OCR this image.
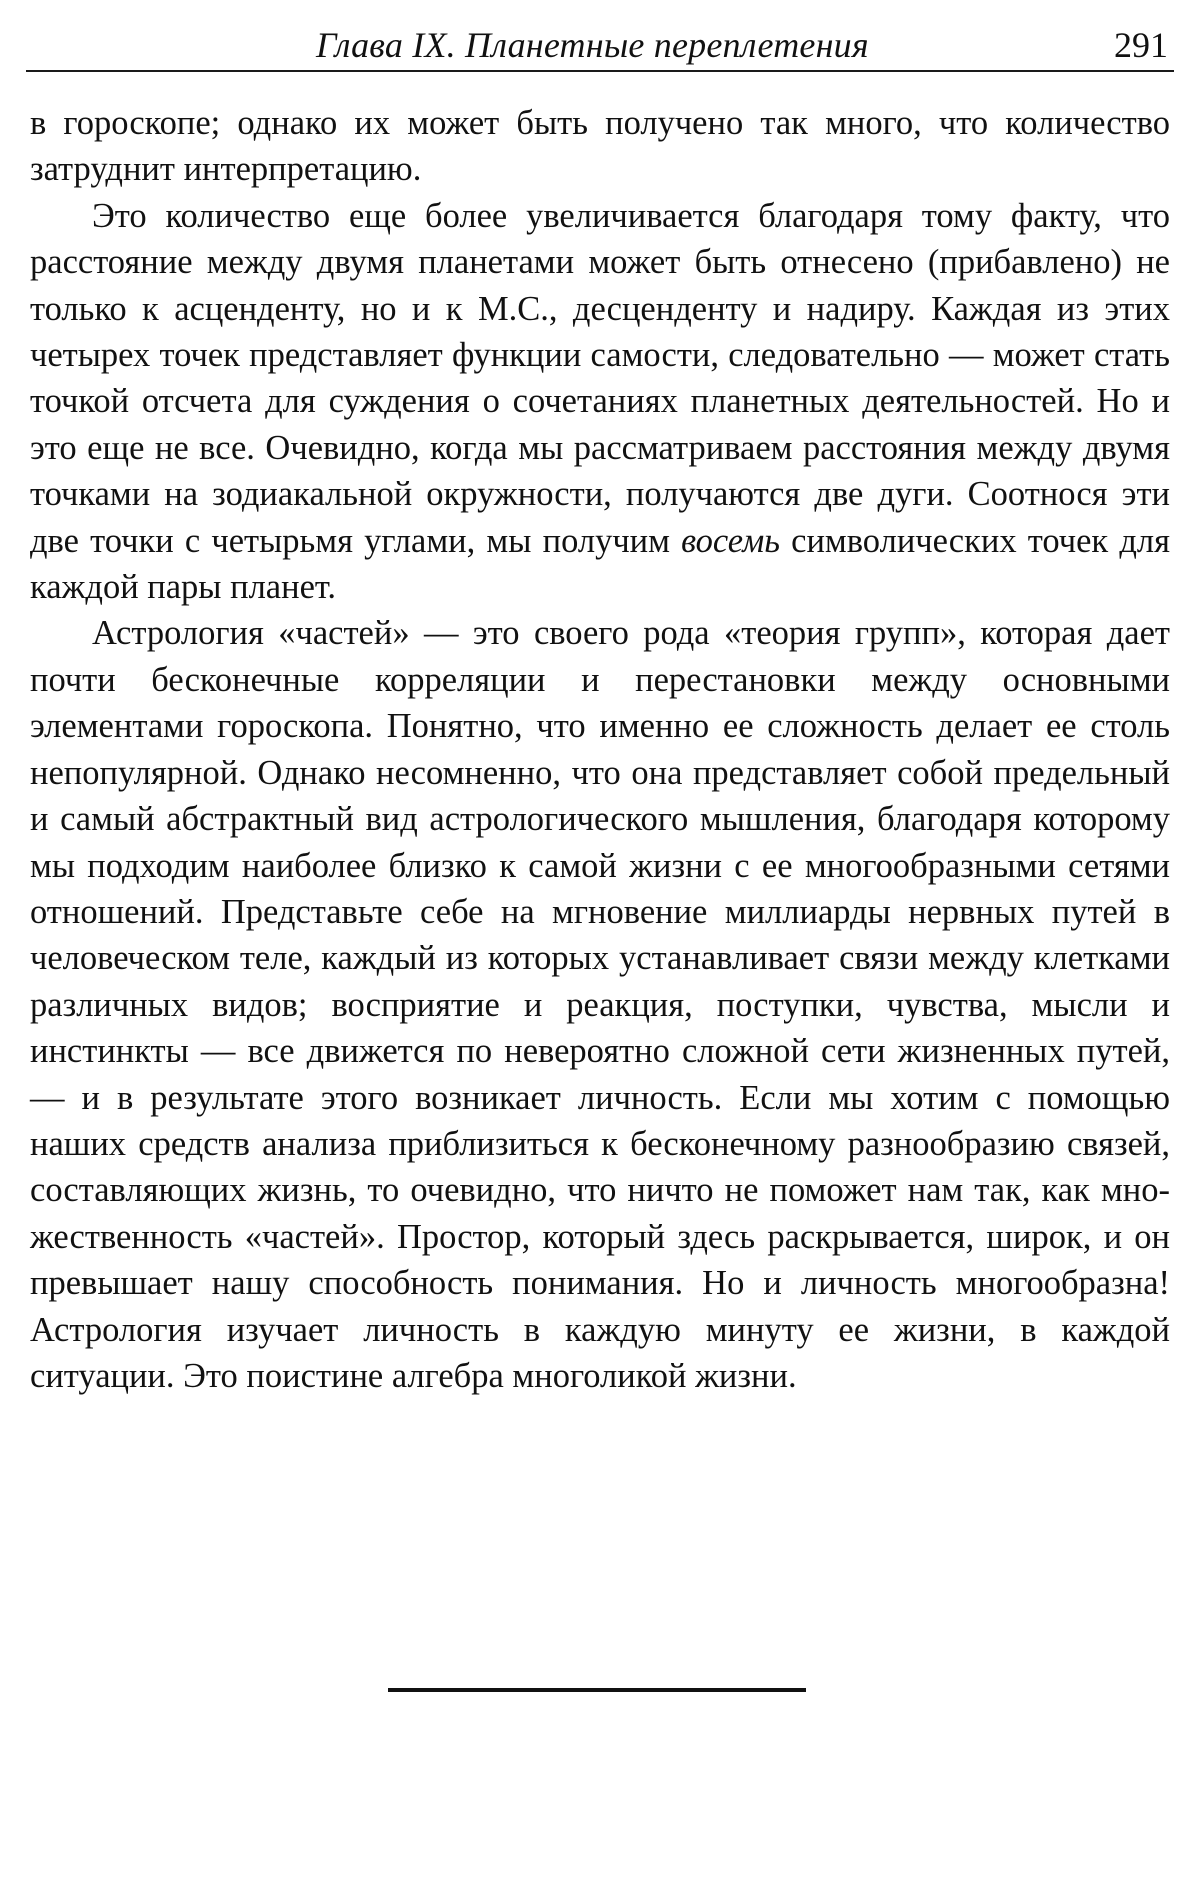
Глава IX. Планетные переплетения	291

в гороскопе; однако их может быть получено так много, что количество затруднит интерпретацию.

Это количество еще более увеличивается благодаря тому факту, что расстояние между двумя планетами может быть отнесено (прибавлено) не только к асценденту, но и к М.С., десценденту и надиру. Каждая из этих четырех точек представляет функции самости, следовательно — может стать точкой отсчета для суждения о сочетаниях планетных деятельностей. Но и это еще не все. Очевидно, когда мы рассматриваем расстояния между двумя точками на зодиакальной окружности, получаются две дуги. Соотнося эти две точки с четырьмя углами, мы получим восемь символических точек для каждой пары планет.

Астрология «частей» — это своего рода «теория групп», которая дает почти бесконечные корреляции и перестановки между основными элементами гороскопа. Понятно, что именно ее сложность делает ее столь непопулярной. Однако несомненно, что она представляет собой предельный и самый абстрактный вид астрологического мышления, благодаря которому мы подходим наиболее близко к самой жизни с ее многообразными сетями отношений. Представьте себе на мгновение миллиарды нервных путей в человеческом теле, каждый из которых устанавливает связи между клетками различных видов; восприятие и реакция, поступки, чувства, мысли и инстинкты — все движется по невероятно сложной сети жизненных путей, — и в результате этого возникает личность. Если мы хотим с помощью наших средств анализа приблизиться к бесконечному разнообразию связей, составляющих жизнь, то очевидно, что ничто не поможет нам так, как множественность «частей». Простор, который здесь раскрывается, широк, и он превышает нашу способность понимания. Но и личность многообразна! Астрология изучает личность в каждую минуту ее жизни, в каждой ситуации. Это поистине алгебра многоликой жизни.
